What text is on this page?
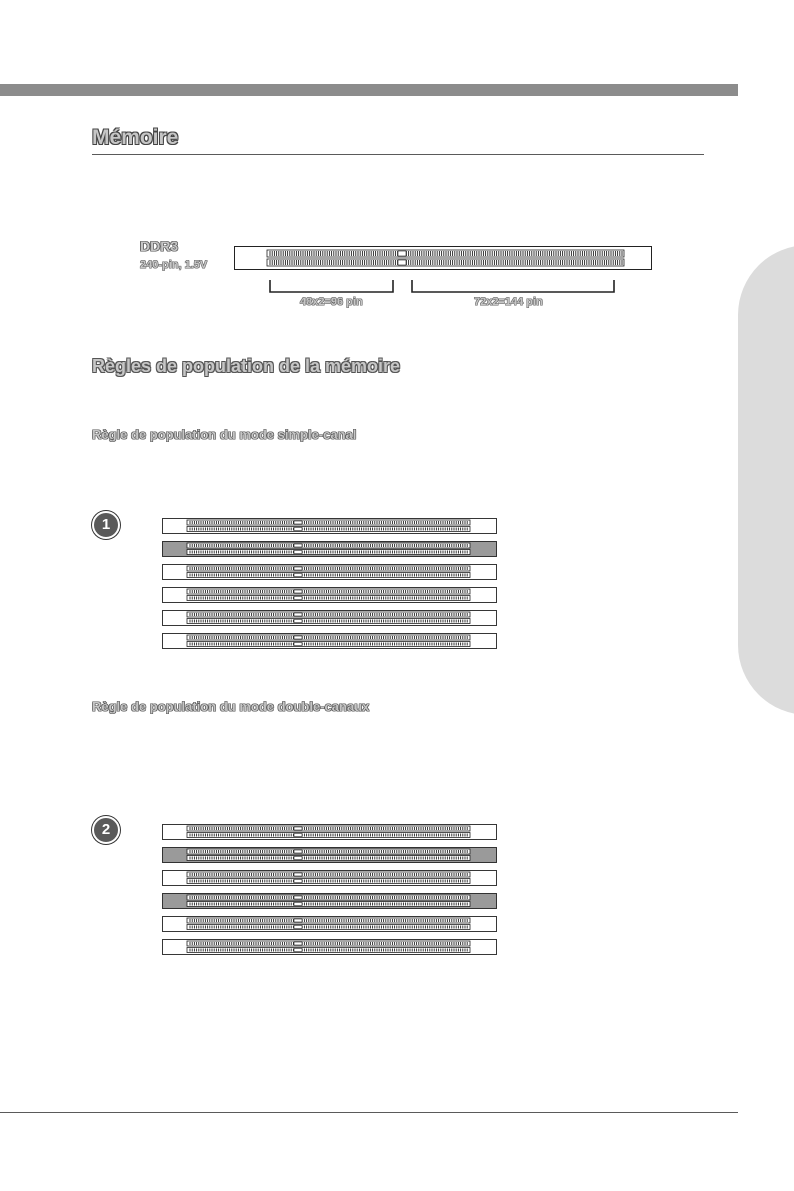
Mémoire
DDR3
240-pin, 1.5V
48x2=96 pin	72x2=144 pin
Règles de population de la mémoire
Règle de population du mode simple-canal
1
Règle de population du mode double-canaux
2
